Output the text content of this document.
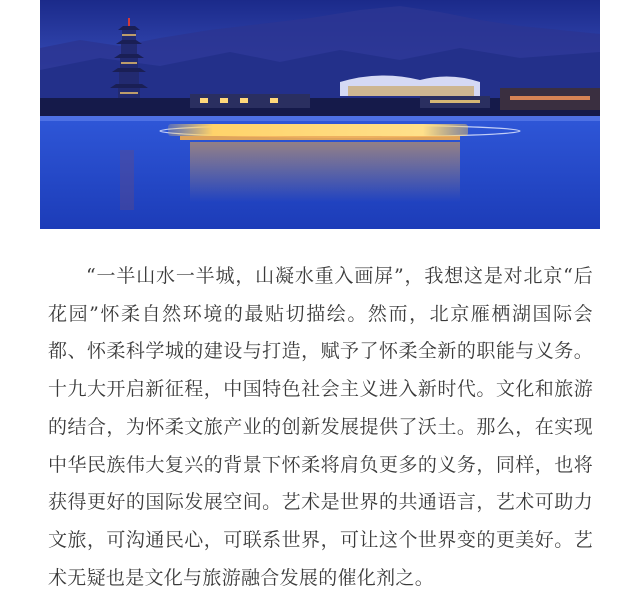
“一半山水一半城，山凝水重入画屏”，我想这是对北京“后花园”怀柔自然环境的最贴切描绘。然而，北京雁栖湖国际会都、怀柔科学城的建设与打造，赋予了怀柔全新的职能与义务。十九大开启新征程，中国特色社会主义进入新时代。文化和旅游的结合，为怀柔文旅产业的创新发展提供了沃土。那么，在实现中华民族伟大复兴的背景下怀柔将肩负更多的义务，同样，也将获得更好的国际发展空间。艺术是世界的共通语言，艺术可助力文旅，可沟通民心，可联系世界，可让这个世界变的更美好。艺术无疑也是文化与旅游融合发展的催化剂之。
